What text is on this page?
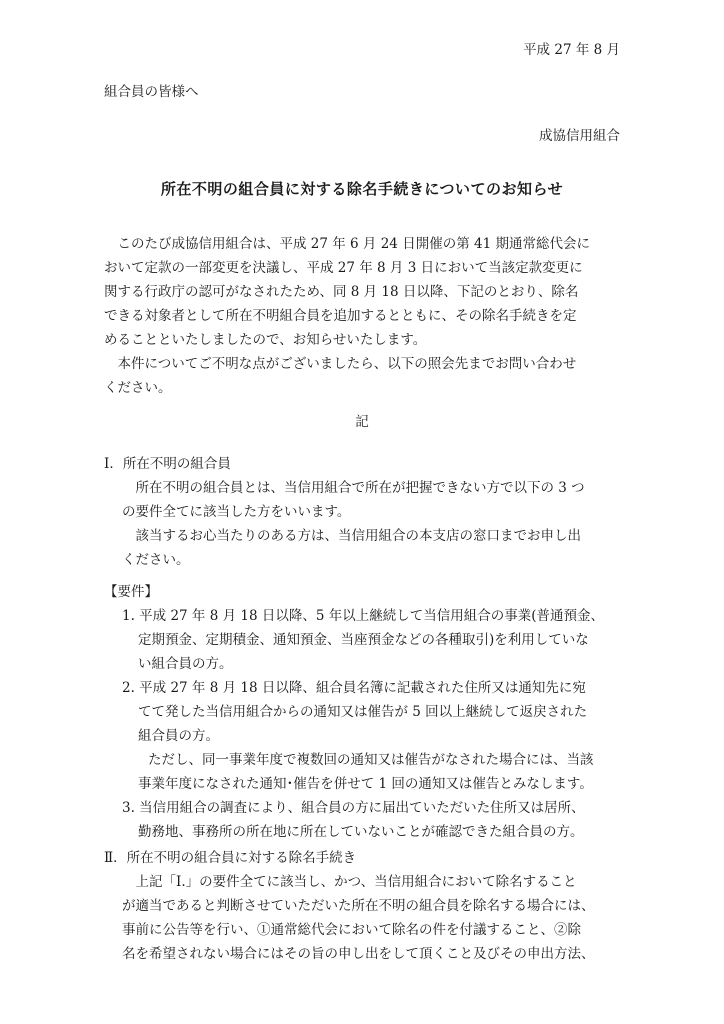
平成 27 年 8 月
組合員の皆様へ
成協信用組合
所在不明の組合員に対する除名手続きについてのお知らせ
　このたび成協信用組合は、平成 27 年 6 月 24 日開催の第 41 期通常総代会に
おいて定款の一部変更を決議し、平成 27 年 8 月 3 日において当該定款変更に
関する行政庁の認可がなされたため、同 8 月 18 日以降、下記のとおり、除名
できる対象者として所在不明組合員を追加するとともに、その除名手続きを定
めることといたしましたので、お知らせいたします。
　本件についてご不明な点がございましたら、以下の照会先までお問い合わせ
ください。
記
Ⅰ．所在不明の組合員
　所在不明の組合員とは、当信用組合で所在が把握できない方で以下の 3 つ
の要件全てに該当した方をいいます。
　該当するお心当たりのある方は、当信用組合の本支店の窓口までお申し出
ください。
【要件】
1. 平成 27 年 8 月 18 日以降、5 年以上継続して当信用組合の事業(普通預金、
定期預金、定期積金、通知預金、当座預金などの各種取引)を利用していな
い組合員の方。
2. 平成 27 年 8 月 18 日以降、組合員名簿に記載された住所又は通知先に宛
てて発した当信用組合からの通知又は催告が 5 回以上継続して返戻された
組合員の方。
ただし、同一事業年度で複数回の通知又は催告がなされた場合には、当該
事業年度になされた通知･催告を併せて 1 回の通知又は催告とみなします。
3. 当信用組合の調査により、組合員の方に届出ていただいた住所又は居所、
勤務地、事務所の所在地に所在していないことが確認できた組合員の方。
Ⅱ．所在不明の組合員に対する除名手続き
　上記「Ⅰ.」の要件全てに該当し、かつ、当信用組合において除名すること
が適当であると判断させていただいた所在不明の組合員を除名する場合には、
事前に公告等を行い、①通常総代会において除名の件を付議すること、②除
名を希望されない場合にはその旨の申し出をして頂くこと及びその申出方法、
